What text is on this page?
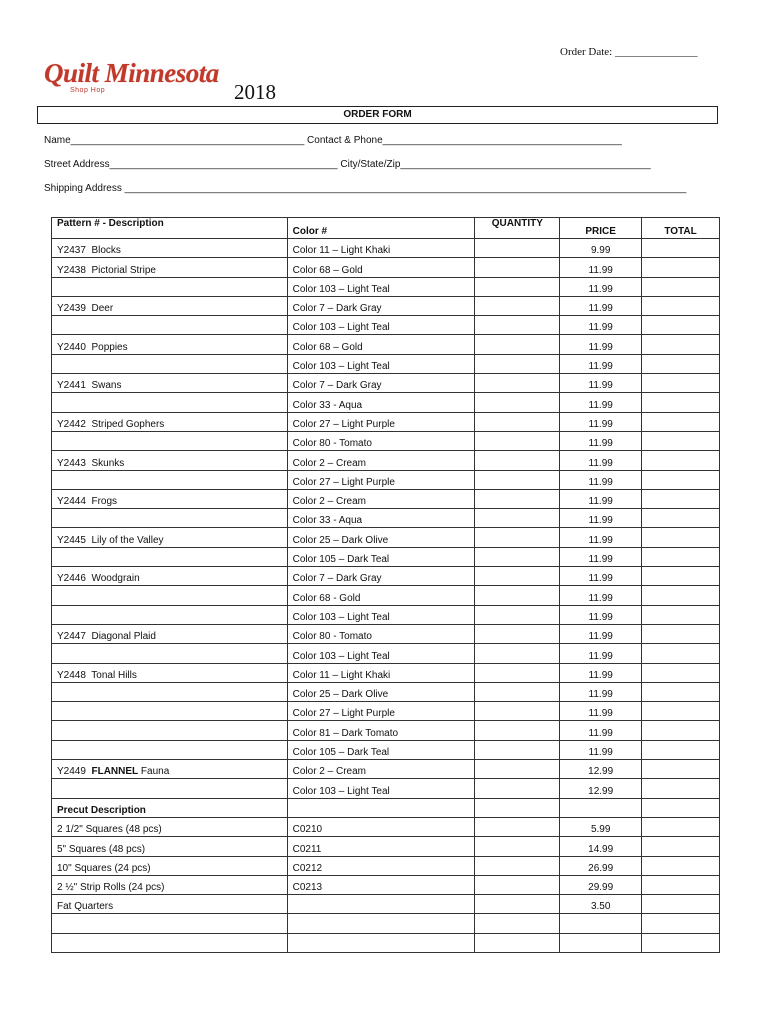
Order Date: _______________
Quilt Minnesota
Shop Hop	2018
ORDER FORM
Name__________________________________________ Contact & Phone___________________________________________
Street Address_________________________________________ City/State/Zip_____________________________________________
Shipping Address _____________________________________________________________________________________________________
Pattern # - Description	Color #	QUANTITY	PRICE	TOTAL
Y2437  Blocks	Color 11 – Light Khaki		9.99	
Y2438  Pictorial Stripe	Color 68 – Gold		11.99	
	Color 103 – Light Teal		11.99	
Y2439  Deer	Color 7 – Dark Gray		11.99	
	Color 103 – Light Teal		11.99	
Y2440  Poppies	Color 68 – Gold		11.99	
	Color 103 – Light Teal		11.99	
Y2441  Swans	Color 7 – Dark Gray		11.99	
	Color 33 - Aqua		11.99	
Y2442  Striped Gophers	Color 27 – Light Purple		11.99	
	Color 80 - Tomato		11.99	
Y2443  Skunks	Color 2 – Cream		11.99	
	Color 27 – Light Purple		11.99	
Y2444  Frogs	Color 2 – Cream		11.99	
	Color 33 - Aqua		11.99	
Y2445  Lily of the Valley	Color 25 – Dark Olive		11.99	
	Color 105 – Dark Teal		11.99	
Y2446  Woodgrain	Color 7 – Dark Gray		11.99	
	Color 68 - Gold		11.99	
	Color 103 – Light Teal		11.99	
Y2447  Diagonal Plaid	Color 80 - Tomato		11.99	
	Color 103 – Light Teal		11.99	
Y2448  Tonal Hills	Color 11 – Light Khaki		11.99	
	Color 25 – Dark Olive		11.99	
	Color 27 – Light Purple		11.99	
	Color 81 – Dark Tomato		11.99	
	Color 105 – Dark Teal		11.99	
Y2449  FLANNEL Fauna	Color 2 – Cream		12.99	
	Color 103 – Light Teal		12.99	
Precut Description				
2 1/2" Squares (48 pcs)	C0210		5.99	
5" Squares (48 pcs)	C0211		14.99	
10" Squares (24 pcs)	C0212		26.99	
2 ½" Strip Rolls (24 pcs)	C0213		29.99	
Fat Quarters			3.50	
